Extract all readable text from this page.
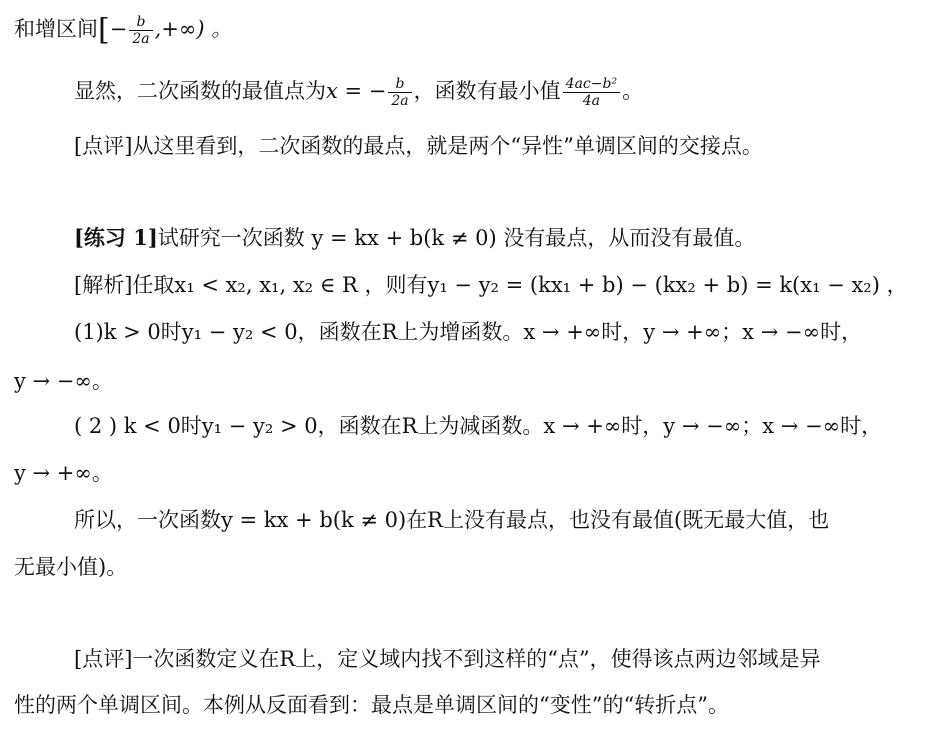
和增区间[− $\frac{b}{2a}$ ,+∞) 。
显然，二次函数的最值点为x = − $\frac{b}{2a}$ ，函数有最小值 $\frac{\text{4ac−b²}}{4a}$ 。
[点评]从这里看到，二次函数的最点，就是两个“异性”单调区间的交接点。
[练习 1]试研究一次函数 y = kx + b(k ≠ 0) 没有最点，从而没有最值。
[解析]任取x₁ < x₂, x₁, x₂ ∈ R ，则有y₁ − y₂ = (kx₁ + b) − (kx₂ + b) = k(x₁ − x₂) ，
(1)k > 0时y₁ − y₂ < 0，函数在R上为增函数。x → +∞时，y → +∞；x → −∞时，
y → −∞。
( 2 ) k < 0时y₁ − y₂ > 0，函数在R上为减函数。x → +∞时，y → −∞；x → −∞时，
y → +∞。
所以，一次函数y = kx + b(k ≠ 0)在R上没有最点，也没有最值(既无最大值，也
无最小值)。
[点评]一次函数定义在R上，定义域内找不到这样的“点”，使得该点两边邻域是异
性的两个单调区间。本例从反面看到：最点是单调区间的“变性”的“转折点”。
